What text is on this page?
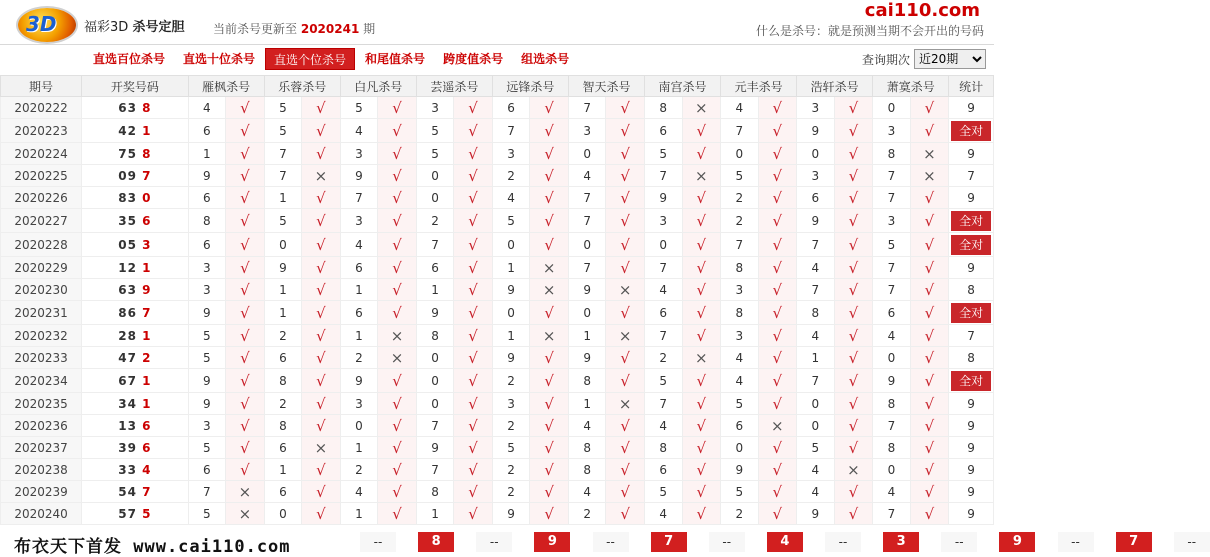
3D 福彩3D 杀号定胆 当前杀号更新至 2020241 期
cai110.com
什么是杀号：就是预测当期不会开出的号码
直选百位杀号	直选十位杀号	直选个位杀号	和尾值杀号	跨度值杀号	组选杀号	查询期次
近20期
期号	开奖号码	雁枫杀号		乐蓉杀号		白凡杀号		芸遥杀号		远锋杀号		智天杀号		南宫杀号		元丰杀号		浩轩杀号		萧寞杀号		统计
2020222	63 8	4	√	5	√	5	√	3	√	6	√	7	√	8	×	4	√	3	√	0	√	9
2020223	42 1	6	√	5	√	4	√	5	√	7	√	3	√	6	√	7	√	9	√	3	√	全对
2020224	75 8	1	√	7	√	3	√	5	√	3	√	0	√	5	√	0	√	0	√	8	×	9
2020225	09 7	9	√	7	×	9	√	0	√	2	√	4	√	7	×	5	√	3	√	7	×	7
2020226	83 0	6	√	1	√	7	√	0	√	4	√	7	√	9	√	2	√	6	√	7	√	9
2020227	35 6	8	√	5	√	3	√	2	√	5	√	7	√	3	√	2	√	9	√	3	√	全对
2020228	05 3	6	√	0	√	4	√	7	√	0	√	0	√	0	√	7	√	7	√	5	√	全对
2020229	12 1	3	√	9	√	6	√	6	√	1	×	7	√	7	√	8	√	4	√	7	√	9
2020230	63 9	3	√	1	√	1	√	1	√	9	×	9	×	4	√	3	√	7	√	7	√	8
2020231	86 7	9	√	1	√	6	√	9	√	0	√	0	√	6	√	8	√	8	√	6	√	全对
2020232	28 1	5	√	2	√	1	×	8	√	1	×	1	×	7	√	3	√	4	√	4	√	7
2020233	47 2	5	√	6	√	2	×	0	√	9	√	9	√	2	×	4	√	1	√	0	√	8
2020234	67 1	9	√	8	√	9	√	0	√	2	√	8	√	5	√	4	√	7	√	9	√	全对
2020235	34 1	9	√	2	√	3	√	0	√	3	√	1	×	7	√	5	√	0	√	8	√	9
2020236	13 6	3	√	8	√	0	√	7	√	2	√	4	√	4	√	6	×	0	√	7	√	9
2020237	39 6	5	√	6	×	1	√	9	√	5	√	8	√	8	√	0	√	5	√	8	√	9
2020238	33 4	6	√	1	√	2	√	7	√	2	√	8	√	6	√	9	√	4	×	0	√	9
2020239	54 7	7	×	6	√	4	√	8	√	2	√	4	√	5	√	5	√	4	√	4	√	9
2020240	57 5	5	×	0	√	1	√	1	√	9	√	2	√	4	√	2	√	9	√	7	√	9
布衣天下首发 www.cai110.com	--	8	--	9	--	7	--	4	--	3	--	9	--	7	--
